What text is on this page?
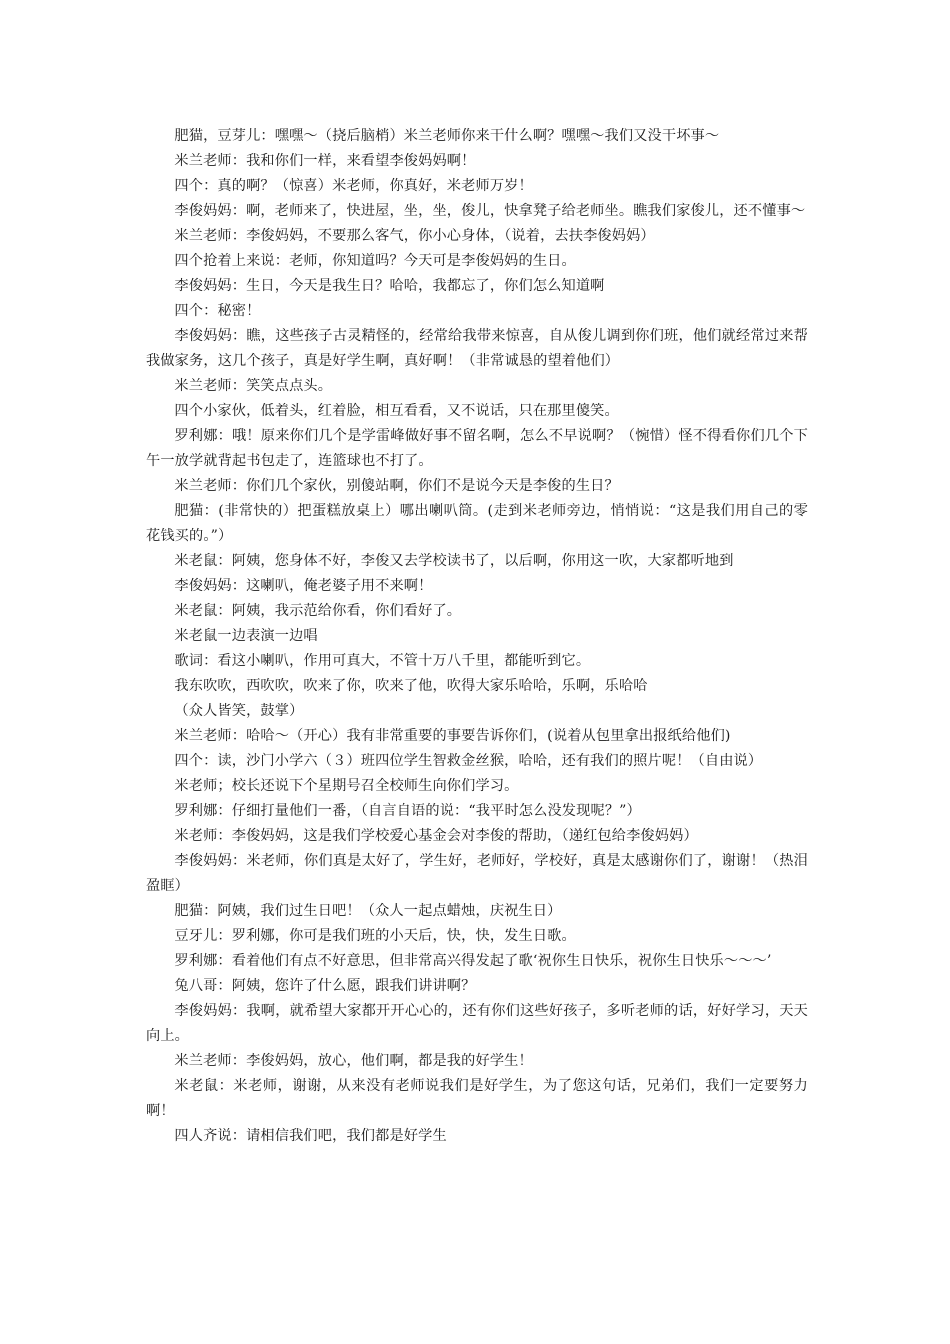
肥猫，豆芽儿：嘿嘿～（挠后脑梢）米兰老师你来干什么啊？嘿嘿～我们又没干坏事～

米兰老师：我和你们一样，来看望李俊妈妈啊！

四个：真的啊？（惊喜）米老师，你真好，米老师万岁！

李俊妈妈：啊，老师来了，快进屋，坐，坐，俊儿，快拿凳子给老师坐。瞧我们家俊儿，还不懂事～

米兰老师：李俊妈妈，不要那么客气，你小心身体，（说着，去扶李俊妈妈）

四个抢着上来说：老师，你知道吗？今天可是李俊妈妈的生日。

李俊妈妈：生日，今天是我生日？哈哈，我都忘了，你们怎么知道啊

四个：秘密！

李俊妈妈：瞧，这些孩子古灵精怪的，经常给我带来惊喜，自从俊儿调到你们班，他们就经常过来帮我做家务，这几个孩子，真是好学生啊，真好啊！（非常诚恳的望着他们）

米兰老师：笑笑点点头。

四个小家伙，低着头，红着脸，相互看看，又不说话，只在那里傻笑。

罗利娜：哦！原来你们几个是学雷峰做好事不留名啊，怎么不早说啊？（惋惜）怪不得看你们几个下午一放学就背起书包走了，连篮球也不打了。

米兰老师：你们几个家伙，别傻站啊，你们不是说今天是李俊的生日？

肥猫：(非常快的）把蛋糕放桌上）哪出喇叭筒。(走到米老师旁边，悄悄说：“这是我们用自己的零花钱买的。”）

米老鼠：阿姨，您身体不好，李俊又去学校读书了，以后啊，你用这一吹，大家都听地到

李俊妈妈：这喇叭，俺老婆子用不来啊！

米老鼠：阿姨，我示范给你看，你们看好了。

米老鼠一边表演一边唱

歌词：看这小喇叭，作用可真大，不管十万八千里，都能听到它。

我东吹吹，西吹吹，吹来了你，吹来了他，吹得大家乐哈哈，乐啊，乐哈哈

（众人皆笑，鼓掌）

米兰老师：哈哈～（开心）我有非常重要的事要告诉你们，(说着从包里拿出报纸给他们)

四个：读，沙门小学六（３）班四位学生智救金丝猴，哈哈，还有我们的照片呢！（自由说）

米老师；校长还说下个星期号召全校师生向你们学习。

罗利娜：仔细打量他们一番，（自言自语的说：“我平时怎么没发现呢？”）

米老师：李俊妈妈，这是我们学校爱心基金会对李俊的帮助，（递红包给李俊妈妈）

李俊妈妈：米老师，你们真是太好了，学生好，老师好，学校好，真是太感谢你们了，谢谢！（热泪盈眶）

肥猫：阿姨，我们过生日吧！（众人一起点蜡烛，庆祝生日）

豆牙儿：罗利娜，你可是我们班的小天后，快，快，发生日歌。

罗利娜：看着他们有点不好意思，但非常高兴得发起了歌‘祝你生日快乐，祝你生日快乐～～～’

兔八哥：阿姨，您许了什么愿，跟我们讲讲啊？

李俊妈妈：我啊，就希望大家都开开心心的，还有你们这些好孩子，多听老师的话，好好学习，天天向上。

米兰老师：李俊妈妈，放心，他们啊，都是我的好学生！

米老鼠：米老师，谢谢，从来没有老师说我们是好学生，为了您这句话，兄弟们，我们一定要努力啊！

四人齐说：请相信我们吧，我们都是好学生
